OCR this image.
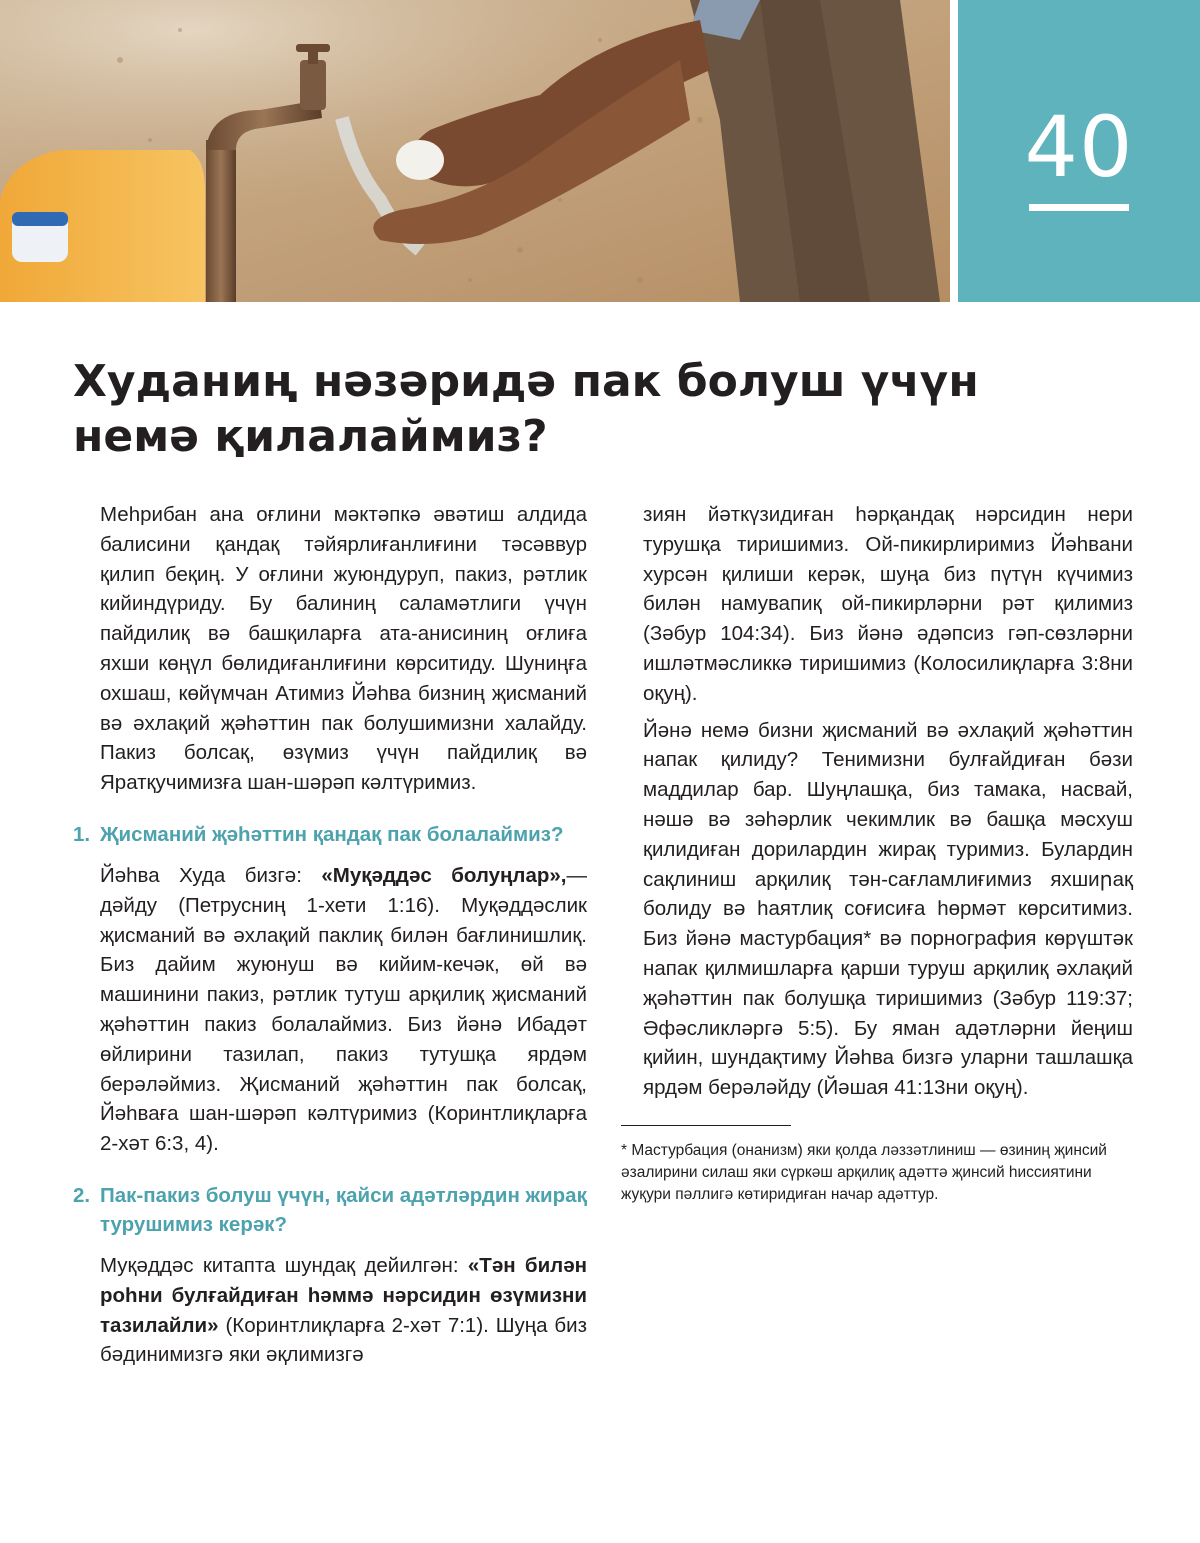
40
Худаниң нәзәридә пак болуш үчүн
немә қилалаймиз?

Меһрибан ана оғлини мәктәпкә әвәтиш алдида балисини қандақ тәйярлиғанлиғини тәсәввур қилип беқиң. У оғлини жуюндуруп, пакиз, рәтлик кийиндүриду. Бу балиниң саламәтлиги үчүн пайдилиқ вә башқиларға ата-анисиниң оғлиға яхши көңүл бөлидиғанлиғини көрситиду. Шуниңға охшаш, көйүмчан Атимиз Йәһва бизниң җисманий вә әхлақий җәһәттин пак болушимизни халайду. Пакиз болсақ, өзүмиз үчүн пайдилиқ вә Яратқучимизға шан-шәрәп кәлтүримиз.

1. Җисманий җәһәттин қандақ пак болалаймиз?

Йәһва Худа бизгә: «Муқәддәс болуңлар»,— дәйду (Петрусниң 1-хети 1:16). Муқәддәслик җисманий вә әхлақий паклиқ билән бағлинишлиқ. Биз дайим жуюнуш вә кийим-кечәк, өй вә машинини пакиз, рәтлик тутуш арқилиқ җисманий җәһәттин пакиз болалаймиз. Биз йәнә Ибадәт өйлирини тазилап, пакиз тутушқа ярдәм берәләймиз. Җисманий җәһәттин пак болсақ, Йәһваға шан-шәрәп кәлтүримиз (Коринтлиқларға 2-хәт 6:3, 4).

2. Пак-пакиз болуш үчүн, қайси адәтләрдин жирақ турушимиз керәк?

Муқәддәс китапта шундақ дейилгән: «Тән билән роһни булғайдиған һәммә нәрсидин өзүмизни тазилайли» (Коринтлиқларға 2-хәт 7:1). Шуңа биз бәдинимизгә яки әқлимизгә

зиян йәткүзидиған һәрқандақ нәрсидин нери турушқа тиришимиз. Ой-пикирлиримиз Йәһвани хурсән қилиши керәк, шуңа биз пүтүн күчимиз билән намувапиқ ой-пикирләрни рәт қилимиз (Зәбур 104:34). Биз йәнә әдәпсиз гәп-сөзләрни ишләтмәсликкә тиришимиз (Колосилиқларға 3:8ни оқуң).

Йәнә немә бизни җисманий вә әхлақий җәһәттин напак қилиду? Тенимизни булғайдиған бәзи маддилар бар. Шуңлашқа, биз тамака, насвай, нәшә вә зәһәрлик чекимлик вә башқа мәсхуш қилидиған дорилардин жирақ туримиз. Булардин сақлиниш арқилиқ тән-сағламлиғимиз яхшиրақ болиду вә һаятлиқ соғисиға һөрмәт көрситимиз. Биз йәнә мастурбация* вә порнография көрүштәк напак қилмишларға қарши туруш арқилиқ әхлақий җәһәттин пак болушқа тиришимиз (Зәбур 119:37; Әфәсликләргә 5:5). Бу яман адәтләрни йеңиш қийин, шундақтиму Йәһва бизгә уларни ташлашқа ярдәм берәләйду (Йәшая 41:13ни оқуң).

* Мастурбация (онанизм) яки қолда ләззәтлиниш — өзиниң җинсий әзалирини силаш яки сүркәш арқилиқ адәттә җинсий һиссиятини жуқури пәллигә көтиридиған начар адәттур.
